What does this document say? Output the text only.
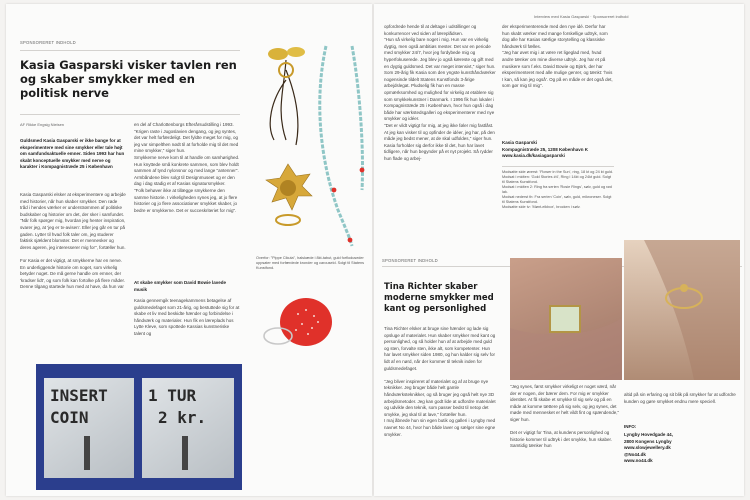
SPONSORERET INDHOLD
Kasia Gasparski visker tavlen ren og skaber smykker med en politisk nerve
AF Rikke Engsig Nielsen
Guldsmed Kasia Gasparski er ikke bange for at eksperimentere med sine smykker eller tale højt om samfundsaktuelle emner. Siden 1993 har hun skabt konceptuelle smykker med nerve og karakter i Kompagnistræde 25 i København
Kasia Gasparski elsker at eksperimentere og arbejde med historier, når hun skaber smykker. Den røde tråd i hendes værker er understrømmen af politiske budskaber og historier om det, der sker i samfundet.
"Når folk spørger mig, hvordan jeg henter inspiration, svarer jeg, at 'jeg er tv-avisen'. Eller jeg går en tur på gaden. Lytter til hvad folk taler om, jeg studerer faktisk sjældent blomster. Det er mennesker og deres ageren, jeg interesserer mig for", fortæller hun.

For Kasia er det vigtigt, at smykkerne har en nerve. En underliggende historie om noget, som virkelig betyder noget. De må gerne handle om emner, der 'kradser lidt', og som folk kan fortolke på flere måder. Denne tilgang startede hun med at have, da hun var
en del af Charlottenborgs Efterårsudstilling i 1993.
"Krigen raste i Jugoslavien dengang, og jeg syntes, det var helt forfærdeligt. Det fyldte meget for mig, og jeg var simpelthen nødt til at forholde mig til det med mine smykker," siger hun.
Smykkerne nerve kom til at handle om samhørighed. Hun knyttede små konkrete sammen, som blev holdt sammen af tynd nylonsnor og med lange "antenner". Armbåndene blev solgt til Designmuseet og er den dag i dag stadig et af Kasias signatursmykker.
"Folk behøver ikke at tillægge smykkerne den samme historie. I virkeligheden synes jeg, at jo flere historier og jo flere associationer smykket skaber, jo bedre er smykkerne. Det er succeskriteriet for mig".
At skabe smykker som David Bowie lavede musik
Kasia gennemgik teenagekammens betagelse af guldsmedefaget som 21-årig, og bestuttede sig for at skabe et liv med beskidte hænder og forbindelse i håndværk og materialer. Hun fik en læreplads hos Lytte Kleve, som spottede Kassias kunstneriske talent og
INSERT
COIN
1 TUR
2 kr.
Overfor: "Pippe Cikuta", halskæde i 8kt-tabut, guld forfloduseder uppsater med forfærdede kronder og carouseld. Solgt til Statens Kunstfond.
Interview med Kasia Gasparski · Sponsoreret indhold
opfordrede hende til at deltage i udstillinger og konkurrencer ved siden af læreplådsen.
"Hun så virkelig bare noget i mig. Hun var en virkelig dygtig, men også ambitiøs mester. Det var en periode med smykker 24/7, hvor jeg fordybede mig og hyperfokuserede. Jeg blev jo også kæreste og gift med en dygtig guldsmed. Det var meget intensivt," siger hun.
Som 29-årig fik Kasia som den yngste kunsthåndværker nogensinde tildelt Statens Kunstfonds 3-årige arbejdslegat. Pludselig fik hun en masse opmærksomhed og mulighed for virkelig at etablere sig som smykkekunstner i Danmark. I 1996 fik hun lokaler i Kompagnistræde 25 i København, hvor hun også i dag både har værkstedsgalleri og eksperimenterer med nye smykker og idéer.
"Det er vildt vigtigt for mig, at jeg ikke føler mig fastlåst. At jeg kan visker til og opfinder de idéer, jeg har, på den måde jeg bedst mener, at de skal udfoldes," siger hun. Kasia forholder sig derfor ikke til det, hun har lavet tidligere, når hun begynder på et nyt projekt. Så rydder hun flade og arbej-
der eksperimenterende med den nye idé. Derfor har hun skabt værker med mange forskellige udtryk, som dog alle har Kasias særlige storytelling og klassiske håndværk til fælles.
"Jeg har øvet mig i at være ret ligeglad med, hvad andre tænker om mine diverse udtryk. Jeg har et på musikere som f.eks. David Bowie og Björk, der har eksperimenteret med alle mulige genrer, og tænkt: 'hvis I kan, så kan jeg også'. Og på en måde er det også det, som gør mig til mig".
Kasia Gasparski
Kompagnistræde 25, 1208 København K
www.kasia.dk/kasiagasparski
Modsatte side øverst: 'Flower in the Sun', ring, 18 kt og 24 kt guld.
Modsat i midten: 'Gold Stories #4', Ring i 14kt og 24kt guld. Solgt til Statens Kunstfond.
Modsat i midten 2: Ring fra serien 'Rosie Rings', sølv, guld og rød lak.
Modsat nederst th: Fra serien 'Coin', sølv, guld, mikroneser. Solgt til Statens Kunstfond.
Modsatte side tv: 'Mønt-eikbox', brocken i sølv.
SPONSORERET INDHOLD
Tina Richter skaber moderne smykker med kant og personlighed
Tina Richter elsker at bruge sine hænder og lade sig opsluge af materialet. Hun skaber smykker med kant og personlighed, og så holder hun af at arbejde med guld og sten, forvalte sten, ikke alt, som kompetenter. Hun har lavet smykker siden 1980, og hun kalder sig selv for lidt af en nørd, når der kommer til teknik inden for guldsmedefaget.

"Jeg bliver inspireret af materialet og af at bruge nye teknikker. Jeg bruger både helt gamle håndværksteknikker, og så bruger jeg også helt nye 3D arbejdsmetoder. Jeg kan godt lide at udfordre materialet og udvikle den teknik, som passer bedst til netop det smykke, jeg skal til at lave," fortæller hun.
I maj åbnede hun sin egen butik og galleri i Lyngby med navnet No 44, hvor hun både laver og sælger sine egne smykker.
"Jeg synes, først smykker virkeligt er noget værd, når der er nogen, der bærer dem. For mig er smykker identitet. At få skabe et smykke til sig selv og på en måde at komme tættere på sig selv, og jeg synes, det møde med mennesket er helt vildt fint og spændende," siger hun.

Det er vigtigt for Tina, at kundens personlighed og historie kommer til udtryk i det smykke, hun skaber. Samtidig tænker hun
altid på sin erfaring og sit blik på smykker for at udfordre kunden og gøre smykket endnu mere speciell.
INFO:
Lyngby Hovedgade 44,
2800 Kongens Lyngby
www.slowjewellery.dk
@No44.dk
www.no44.dk
